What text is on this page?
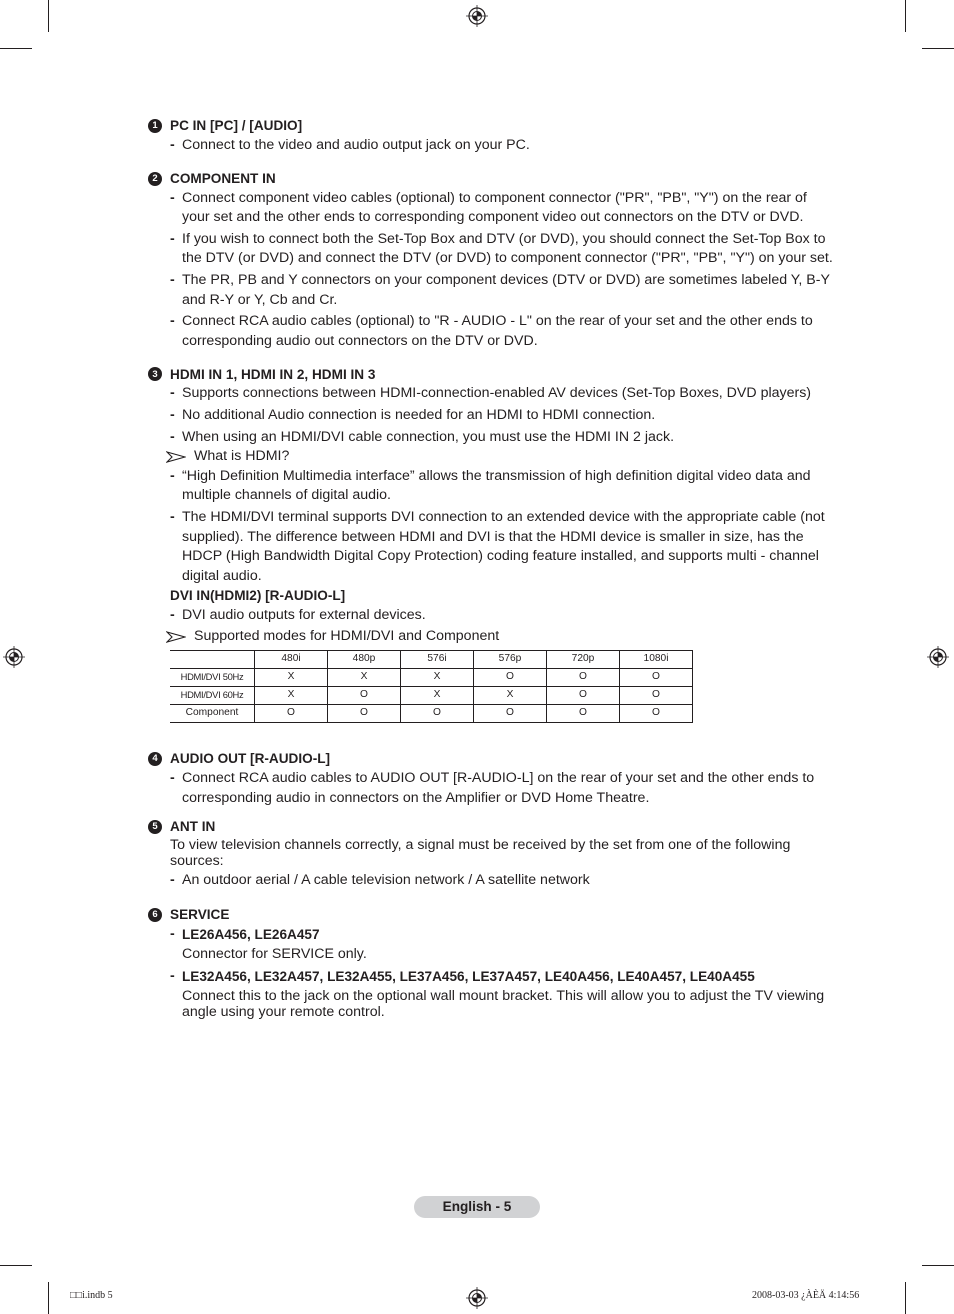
1 PC IN [PC] / [AUDIO]
- Connect to the video and audio output jack on your PC.
2 COMPONENT IN
- Connect component video cables (optional) to component connector ("PR", "PB", "Y") on the rear of your set and the other ends to corresponding component video out connectors on the DTV or DVD.
- If you wish to connect both the Set-Top Box and DTV (or DVD), you should connect the Set-Top Box to the DTV (or DVD) and connect the DTV (or DVD) to component connector ("PR", "PB", "Y") on your set.
- The PR, PB and Y connectors on your component devices (DTV or DVD) are sometimes labeled Y, B-Y and R-Y or Y, Cb and Cr.
- Connect RCA audio cables (optional) to "R - AUDIO - L" on the rear of your set and the other ends to corresponding audio out connectors on the DTV or DVD.
3 HDMI IN 1, HDMI IN 2, HDMI IN 3
- Supports connections between HDMI-connection-enabled AV devices (Set-Top Boxes, DVD players)
- No additional Audio connection is needed for an HDMI to HDMI connection.
- When using an HDMI/DVI cable connection, you must use the HDMI IN 2 jack.
What is HDMI?
- “High Definition Multimedia interface” allows the transmission of high definition digital video data and multiple channels of digital audio.
- The HDMI/DVI terminal supports DVI connection to an extended device with the appropriate cable (not supplied). The difference between HDMI and DVI is that the HDMI device is smaller in size, has the HDCP (High Bandwidth Digital Copy Protection) coding feature installed, and supports multi - channel digital audio.
DVI IN(HDMI2) [R-AUDIO-L]
- DVI audio outputs for external devices.
Supported modes for HDMI/DVI and Component
	480i	480p	576i	576p	720p	1080i
HDMI/DVI 50Hz	X	X	X	O	O	O
HDMI/DVI 60Hz	X	O	X	X	O	O
Component	O	O	O	O	O	O
4 AUDIO OUT [R-AUDIO-L]
- Connect RCA audio cables to AUDIO OUT [R-AUDIO-L] on the rear of your set and the other ends to corresponding audio in connectors on the Amplifier or DVD Home Theatre.
5 ANT IN
To view television channels correctly, a signal must be received by the set from one of the following sources:
- An outdoor aerial / A cable television network / A satellite network
6 SERVICE
- LE26A456, LE26A457
Connector for SERVICE only.
- LE32A456, LE32A457, LE32A455, LE37A456, LE37A457, LE40A456, LE40A457, LE40A455
Connect this to the jack on the optional wall mount bracket. This will allow you to adjust the TV viewing angle using your remote control.
English - 5
□□i.indb 5	2008-03-03 ¿ÀÈÄ 4:14:56
